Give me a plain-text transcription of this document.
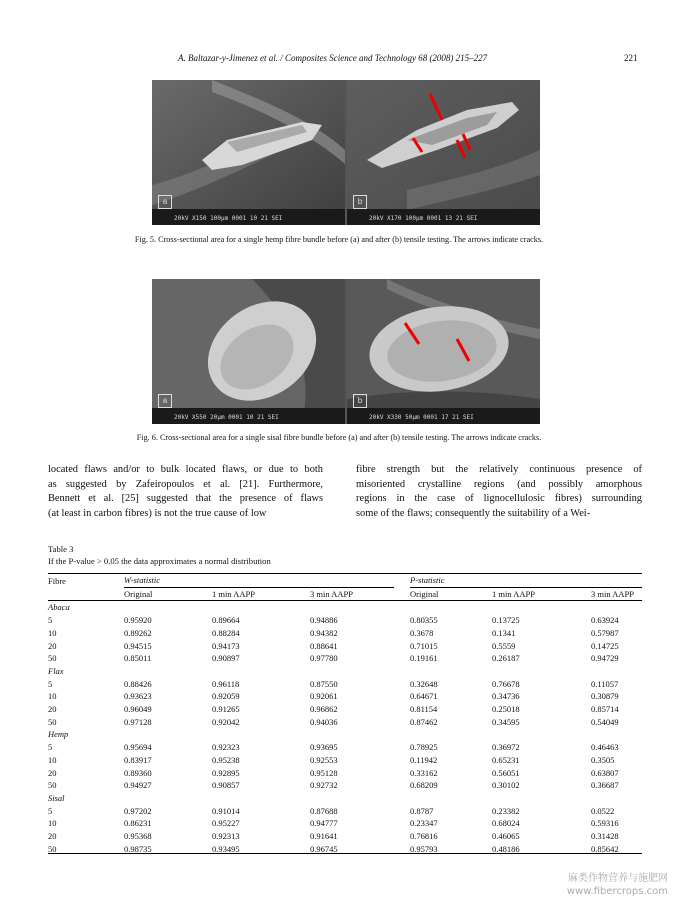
A. Baltazar-y-Jimenez et al. / Composites Science and Technology 68 (2008) 215–227	221
20kV X150 100μm 0001 10 21 SEI
a
20kV X170 100μm 0001 13 21 SEI
b
Fig. 5. Cross-sectional area for a single hemp fibre bundle before (a) and after (b) tensile testing. The arrows indicate cracks.
20kV X550 20μm 0001 10 21 SEI
a
20kV X330 50μm 0001 17 21 SEI
b
Fig. 6. Cross-sectional area for a single sisal fibre bundle before (a) and after (b) tensile testing. The arrows indicate cracks.
located flaws and/or to bulk located flaws, or due to both
as suggested by Zafeiropoulos et al. [21]. Furthermore,
Bennett et al. [25] suggested that the presence of flaws
(at least in carbon fibres) is not the true cause of low
fibre strength but the relatively continuous presence of
misoriented crystalline regions (and possibly amorphous
regions in the case of lignocellulosic fibres) surrounding
some of the flaws; consequently the suitability of a Wei-
Table 3
If the P-value > 0.05 the data approximates a normal distribution
Fibre	W-statistic			P-statistic		

	Original	1 min AAPP	3 min AAPP	Original	1 min AAPP	3 min AAPP
Abaca						
5	0.95920	0.89664	0.94886	0.80355	0.13725	0.63924
10	0.89262	0.88284	0.94382	0.3678	0.1341	0.57987
20	0.94515	0.94173	0.88641	0.71015	0.5559	0.14725
50	0.85011	0.90897	0.97780	0.19161	0.26187	0.94729
Flax						
5	0.88426	0.96118	0.87550	0.32648	0.76678	0.11057
10	0.93623	0.92059	0.92061	0.64671	0.34736	0.30879
20	0.96049	0.91265	0.96862	0.81154	0.25018	0.85714
50	0.97128	0.92042	0.94036	0.87462	0.34595	0.54049
Hemp						
5	0.95694	0.92323	0.93695	0.78925	0.36972	0.46463
10	0.83917	0.95238	0.92553	0.11942	0.65231	0.3505
20	0.89360	0.92895	0.95128	0.33162	0.56051	0.63807
50	0.94927	0.90857	0.92732	0.68209	0.30102	0.36687
Sisal						
5	0.97202	0.91014	0.87688	0.8787	0.23382	0.0522
10	0.86231	0.95227	0.94777	0.23347	0.68024	0.59316
20	0.95368	0.92313	0.91641	0.76816	0.46065	0.31428
50	0.98735	0.93495	0.96745	0.95793	0.48186	0.85642
麻类作物营养与施肥网
www.fibercrops.com
